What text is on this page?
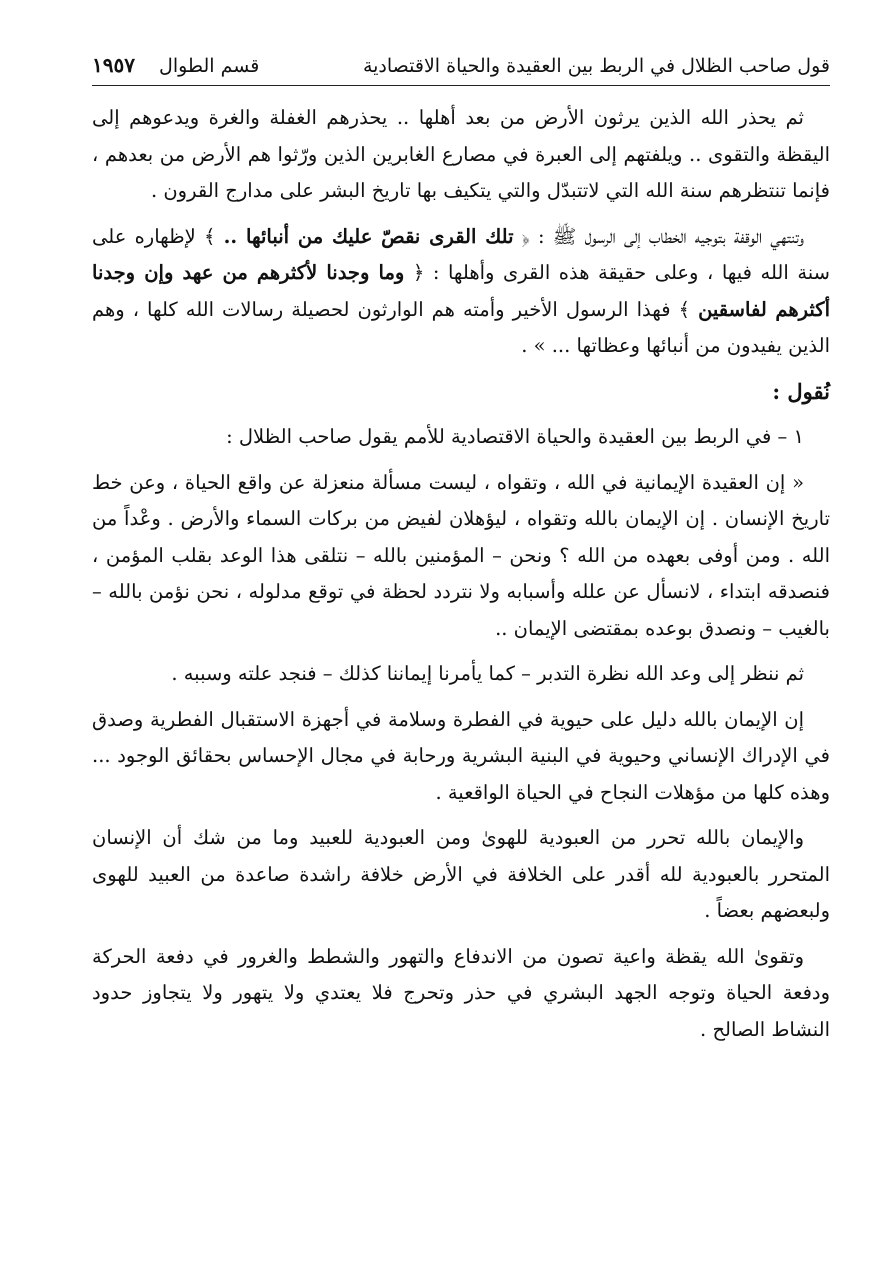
قول صاحب الظلال في الربط بين العقيدة والحياة الاقتصادية
قسم الطوال ١٩٥٧

ثم يحذر الله الذين يرثون الأرض من بعد أهلها .. يحذرهم الغفلة والغرة ويدعوهم إلى اليقظة والتقوى .. ويلفتهم إلى العبرة في مصارع الغابرين الذين ورّثوا هم الأرض من بعدهم ، فإنما تنتظرهم سنة الله التي لاتتبدّل والتي يتكيف بها تاريخ البشر على مدارج القرون .

وتنتهي الوقفة بتوجيه الخطاب إلى الرسول ﷺ : ﴿ تلك القرى نقصّ عليك من أنبائها .. ﴾ لإظهاره على سنة الله فيها ، وعلى حقيقة هذه القرى وأهلها : ﴿ وما وجدنا لأكثرهم من عهد وإن وجدنا أكثرهم لفاسقين ﴾ فهذا الرسول الأخير وأمته هم الوارثون لحصيلة رسالات الله كلها ، وهم الذين يفيدون من أنبائها وعظاتها ... » .

نُقول :

١ – في الربط بين العقيدة والحياة الاقتصادية للأمم يقول صاحب الظلال :

« إن العقيدة الإيمانية في الله ، وتقواه ، ليست مسألة منعزلة عن واقع الحياة ، وعن خط تاريخ الإنسان . إن الإيمان بالله وتقواه ، ليؤهلان لفيض من بركات السماء والأرض . وعْداً من الله . ومن أوفى بعهده من الله ؟ ونحن – المؤمنين بالله – نتلقى هذا الوعد بقلب المؤمن ، فنصدقه ابتداء ، لانسأل عن علله وأسبابه ولا نتردد لحظة في توقع مدلوله ، نحن نؤمن بالله – بالغيب – ونصدق بوعده بمقتضى الإيمان ..

ثم ننظر إلى وعد الله نظرة التدبر – كما يأمرنا إيماننا كذلك – فنجد علته وسببه .

إن الإيمان بالله دليل على حيوية في الفطرة وسلامة في أجهزة الاستقبال الفطرية وصدق في الإدراك الإنساني وحيوية في البنية البشرية ورحابة في مجال الإحساس بحقائق الوجود ... وهذه كلها من مؤهلات النجاح في الحياة الواقعية .

والإيمان بالله تحرر من العبودية للهوىٰ ومن العبودية للعبيد وما من شك أن الإنسان المتحرر بالعبودية لله أقدر على الخلافة في الأرض خلافة راشدة صاعدة من العبيد للهوى ولبعضهم بعضاً .

وتقوىٰ الله يقظة واعية تصون من الاندفاع والتهور والشطط والغرور في دفعة الحركة ودفعة الحياة وتوجه الجهد البشري في حذر وتحرج فلا يعتدي ولا يتهور ولا يتجاوز حدود النشاط الصالح .
